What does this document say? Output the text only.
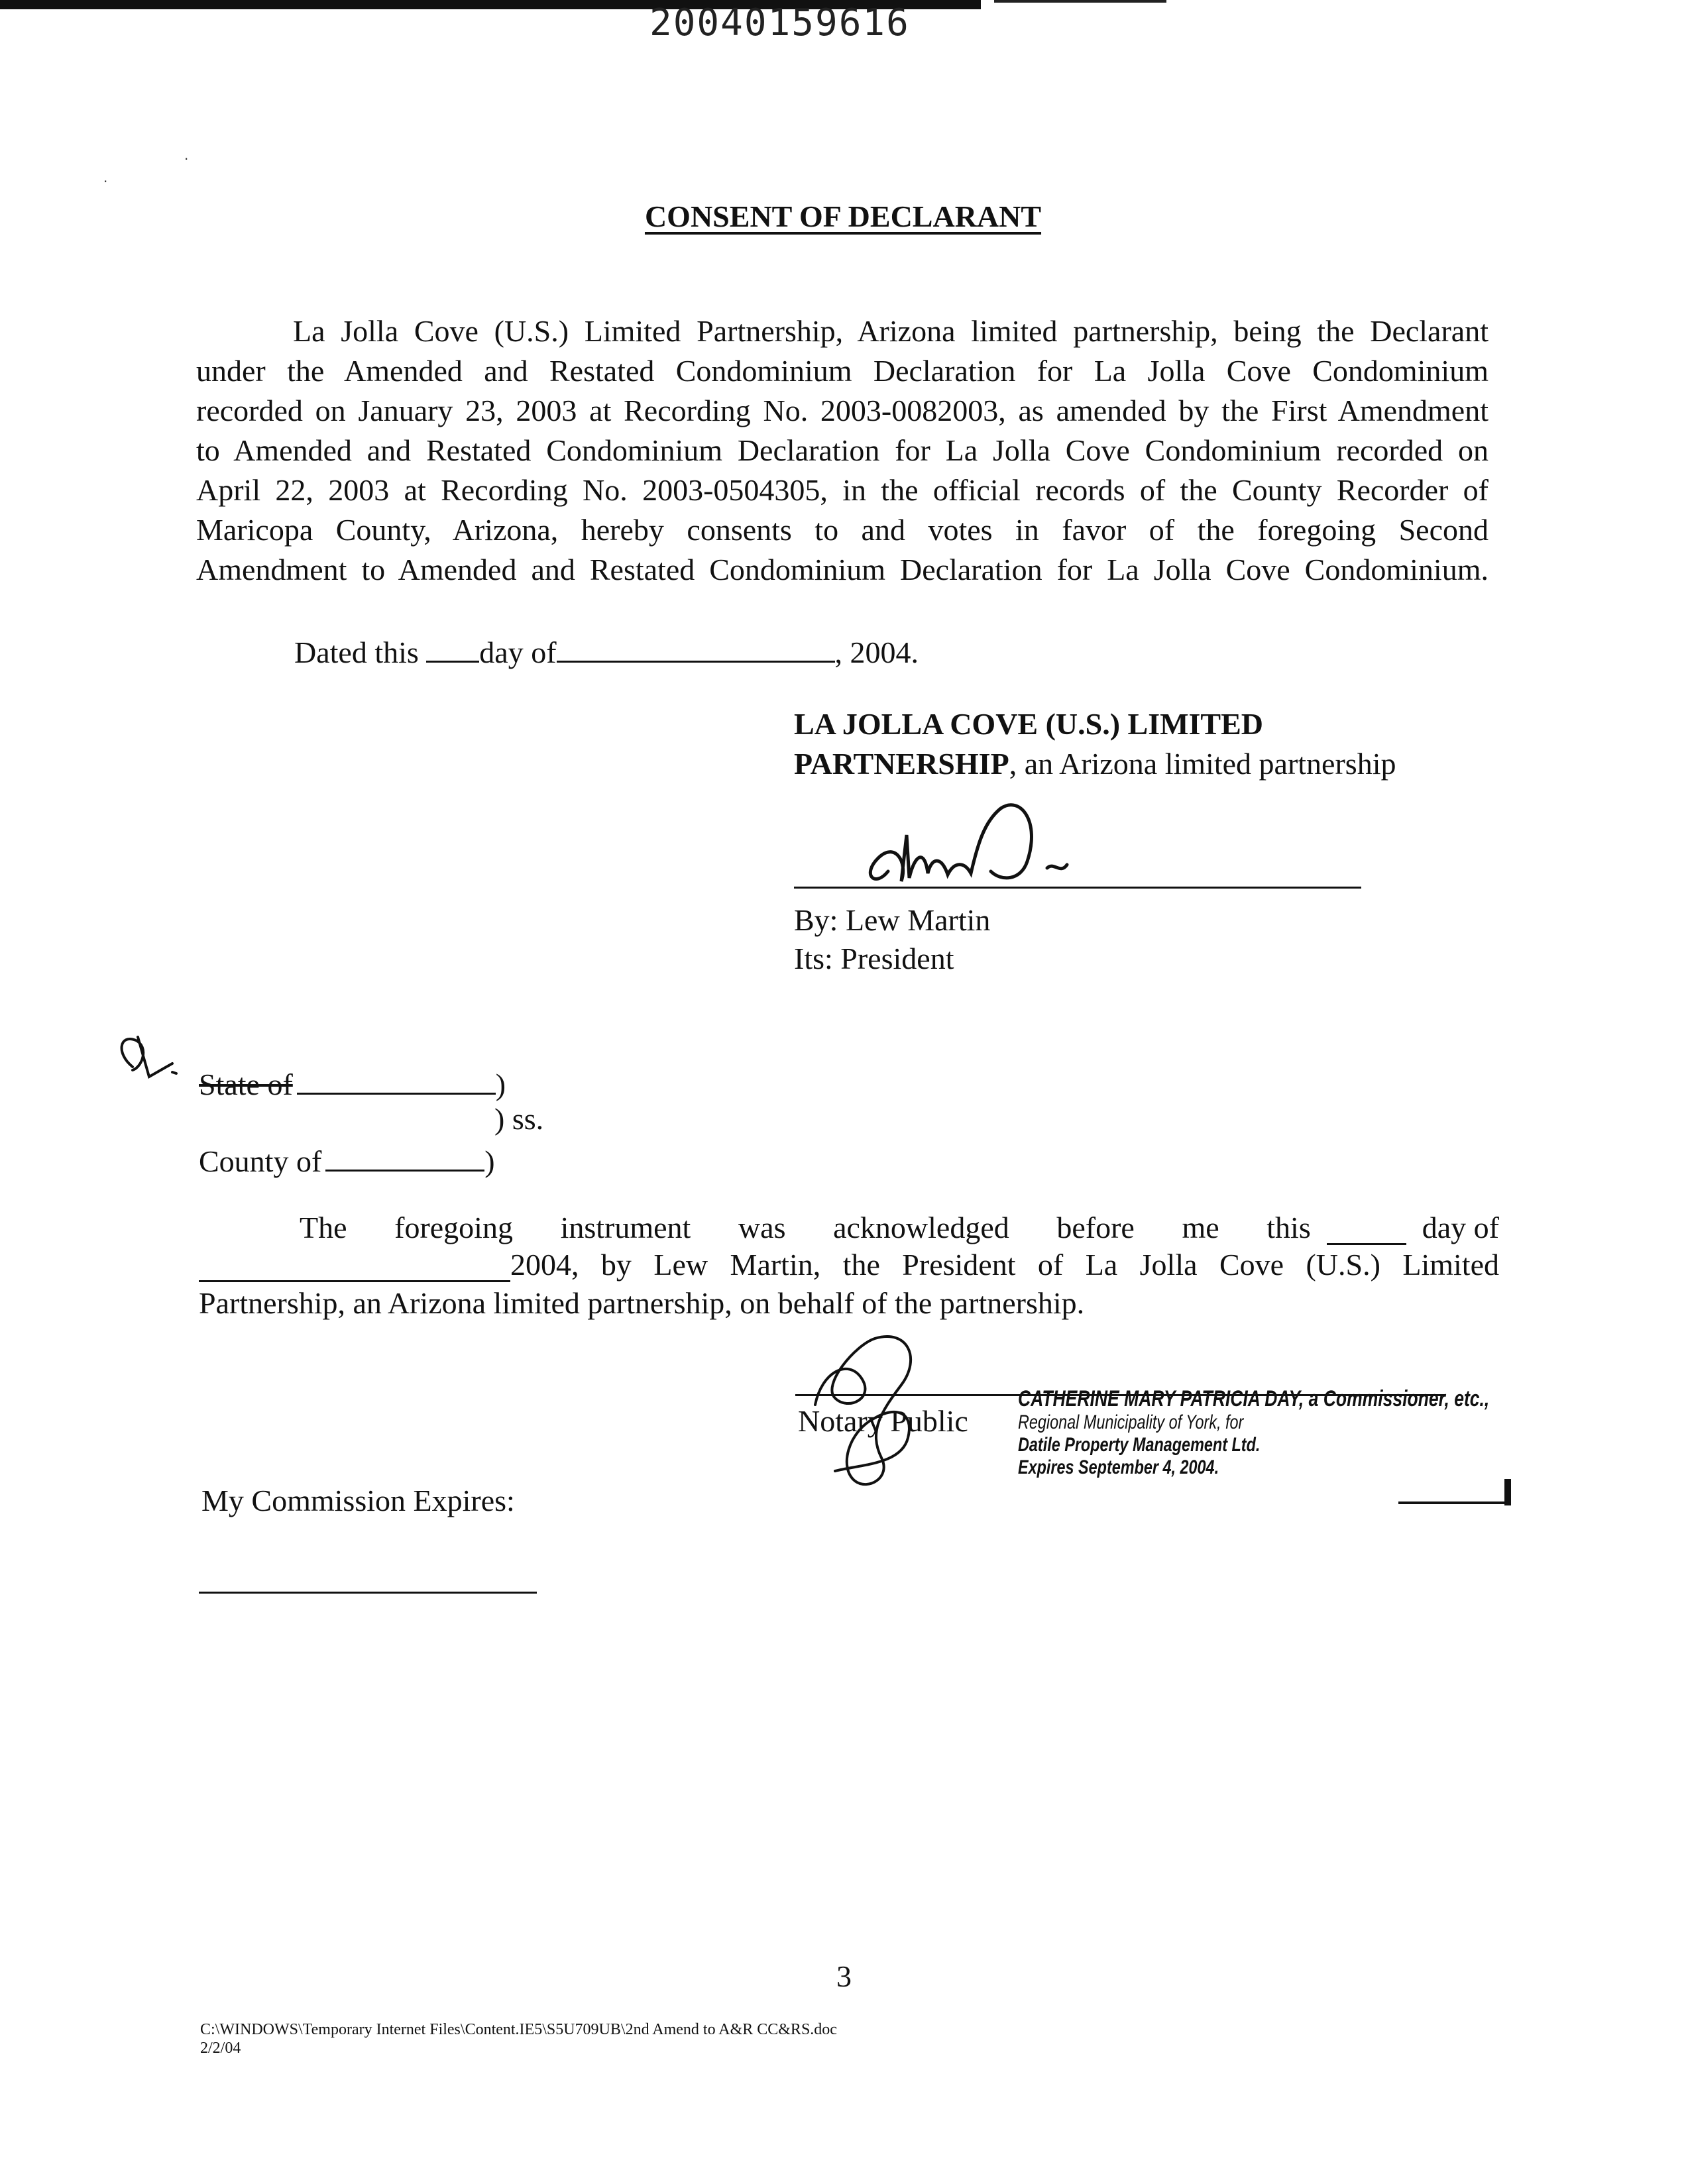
20040159616
·
·
CONSENT OF DECLARANT
La Jolla Cove (U.S.) Limited Partnership, Arizona limited partnership, being the Declarant
under the Amended and Restated Condominium Declaration for La Jolla Cove Condominium
recorded on January 23, 2003 at Recording No. 2003-0082003, as amended by the First Amendment
to Amended and Restated Condominium Declaration for La Jolla Cove Condominium recorded on
April 22, 2003 at Recording No. 2003-0504305, in the official records of the County Recorder of
Maricopa County, Arizona, hereby consents to and votes in favor of the foregoing Second
Amendment to Amended and Restated Condominium Declaration for La Jolla Cove Condominium.
Dated this day of	, 2004.
LA JOLLA COVE (U.S.) LIMITED
PARTNERSHIP, an Arizona limited partnership
By: Lew Martin
Its: President
State of	)
) ss.
County of	)
The foregoing instrument was acknowledged before me this	day of
2004, by Lew Martin, the President of La Jolla Cove (U.S.) Limited
Partnership, an Arizona limited partnership, on behalf of the partnership.
Notary Public
CATHERINE MARY PATRICIA DAY, a Commissioner, etc.,
Regional Municipality of York, for
Datile Property Management Ltd.
Expires September 4, 2004.
My Commission Expires:
3
C:\WINDOWS\Temporary Internet Files\Content.IE5\S5U709UB\2nd Amend to A&R CC&RS.doc
2/2/04
